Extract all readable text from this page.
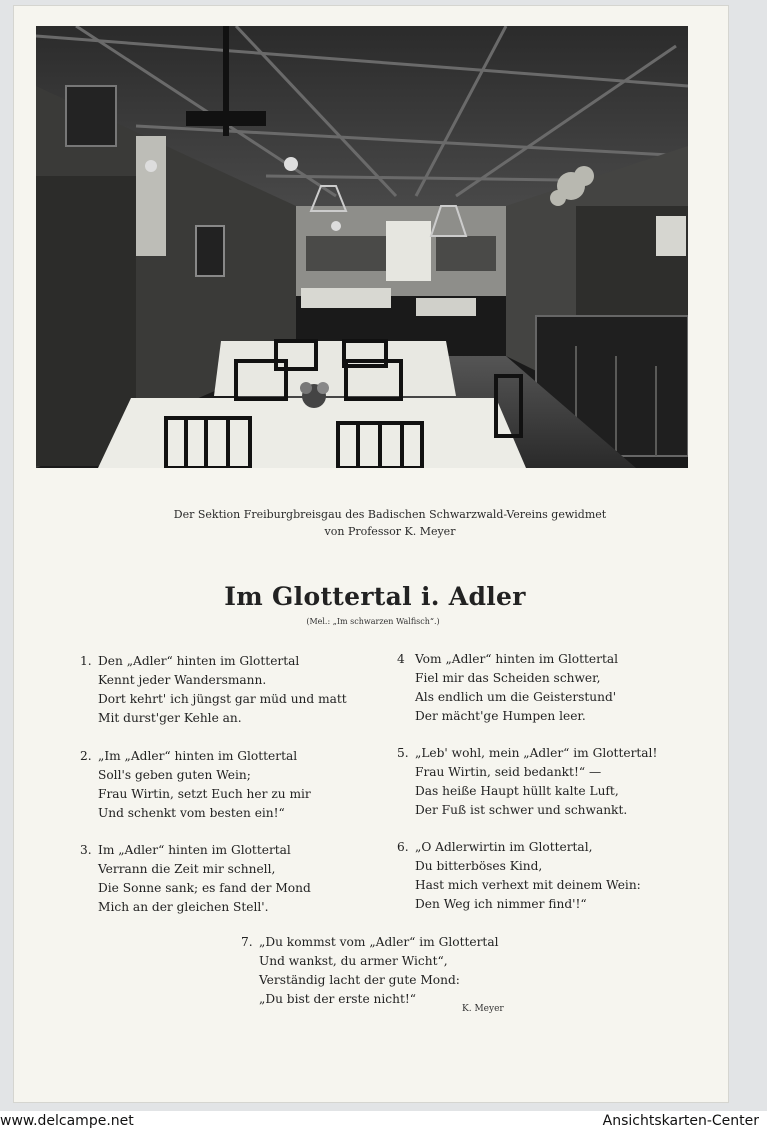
Der Sektion Freiburgbreisgau des Badischen Schwarzwald-Vereins gewidmet
von Professor K. Meyer
Im Glottertal i. Adler
(Mel.: „Im schwarzen Walfisch“.)
1. Den „Adler“ hinten im Glottertal
Kennt jeder Wandersmann.
Dort kehrt' ich jüngst gar müd und matt
Mit durst'ger Kehle an.
2. „Im „Adler“ hinten im Glottertal
Soll's geben guten Wein;
Frau Wirtin, setzt Euch her zu mir
Und schenkt vom besten ein!“
3. Im „Adler“ hinten im Glottertal
Verrann die Zeit mir schnell,
Die Sonne sank; es fand der Mond
Mich an der gleichen Stell'.
4 Vom „Adler“ hinten im Glottertal
Fiel mir das Scheiden schwer,
Als endlich um die Geisterstund'
Der mächt'ge Humpen leer.
5. „Leb' wohl, mein „Adler“ im Glottertal!
Frau Wirtin, seid bedankt!“ —
Das heiße Haupt hüllt kalte Luft,
Der Fuß ist schwer und schwankt.
6. „O Adlerwirtin im Glottertal,
Du bitterböses Kind,
Hast mich verhext mit deinem Wein:
Den Weg ich nimmer find'!“
7. „Du kommst vom „Adler“ im Glottertal
Und wankst, du armer Wicht“,
Verständig lacht der gute Mond:
„Du bist der erste nicht!“
K. Meyer
www.delcampe.net	Ansichtskarten-Center
